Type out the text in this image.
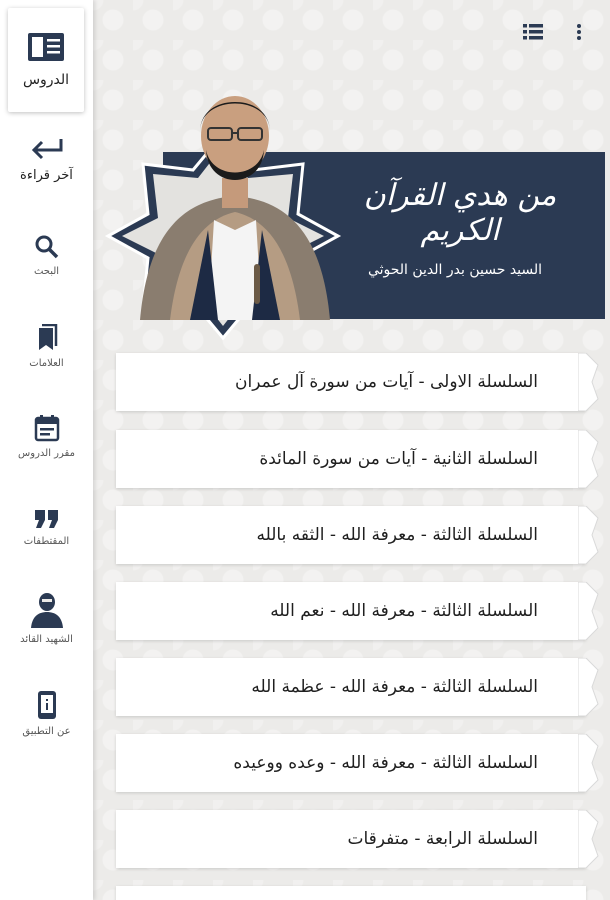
الدروس
آخر قراءة
البحث
العلامات
مقرر الدروس
المقتطفات
الشهيد القائد
عن التطبيق
من هدي القرآن الكريم
السيد حسين بدر الدين الحوثي
السلسلة الاولى - آيات من سورة آل عمران
السلسلة الثانية - آيات من سورة المائدة
السلسلة الثالثة - معرفة الله - الثقه بالله
السلسلة الثالثة - معرفة الله - نعم الله
السلسلة الثالثة - معرفة الله - عظمة الله
السلسلة الثالثة - معرفة الله - وعده ووعيده
السلسلة الرابعة - متفرقات
